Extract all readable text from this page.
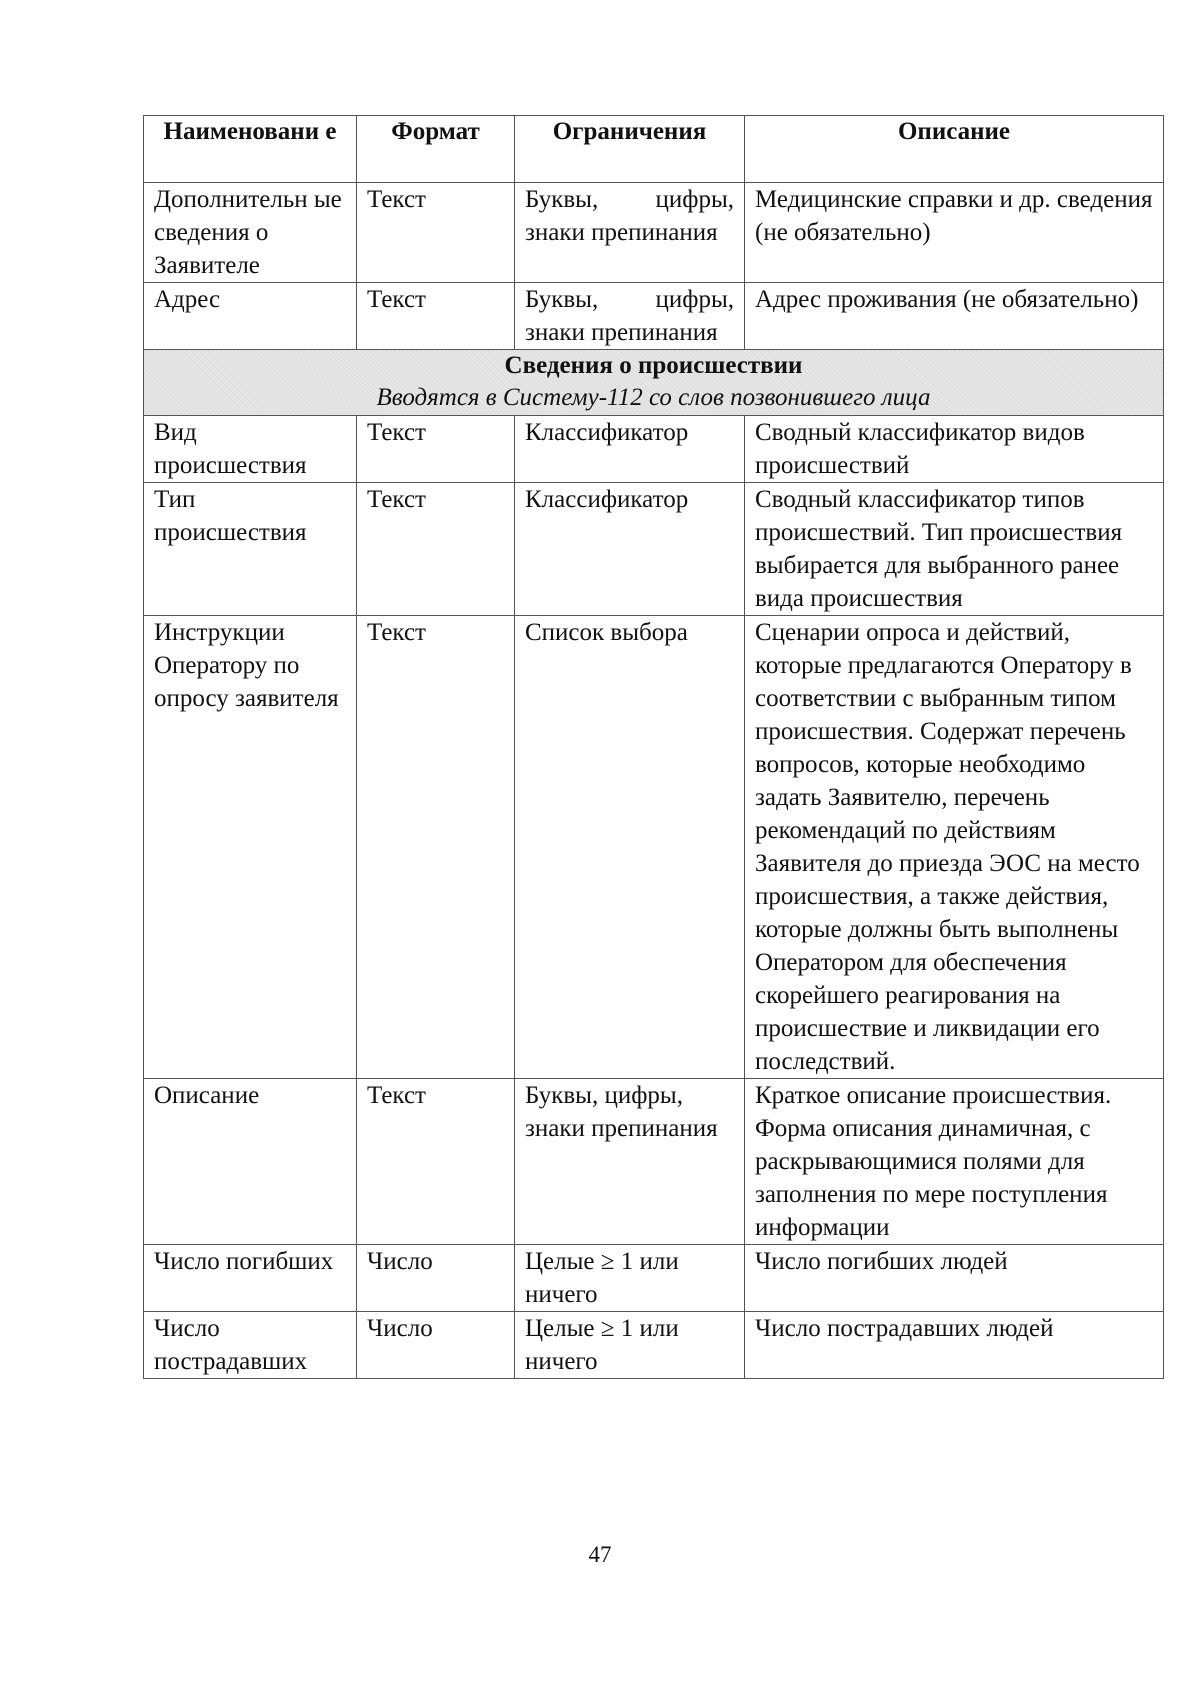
Наименовани е	Формат	Ограничения	Описание
Дополнительн ые сведения о Заявителе	Текст	Буквы, цифры, знаки препинания	Медицинские справки и др. сведения (не обязательно)
Адрес	Текст	Буквы, цифры, знаки препинания	Адрес проживания (не обязательно)

Сведения о происшествии
Вводятся в Систему-112 со слов позвонившего лица			

Вид происшествия	Текст	Классификатор	Сводный классификатор видов происшествий
Тип происшествия	Текст	Классификатор	Сводный классификатор типов происшествий. Тип происшествия выбирается для выбранного ранее вида происшествия
Инструкции Оператору по опросу заявителя	Текст	Список выбора	Сценарии опроса и действий, которые предлагаются Оператору в соответствии с выбранным типом происшествия. Содержат перечень вопросов, которые необходимо задать Заявителю, перечень рекомендаций по действиям Заявителя до приезда ЭОС на место происшествия, а также действия, которые должны быть выполнены Оператором для обеспечения скорейшего реагирования на происшествие и ликвидации его последствий.
Описание	Текст	Буквы, цифры, знаки препинания	Краткое описание происшествия. Форма описания динамичная, с раскрывающимися полями для заполнения по мере поступления информации
Число погибших	Число	Целые ≥ 1 или ничего	Число погибших людей
Число пострадавших	Число	Целые ≥ 1 или ничего	Число пострадавших людей
47
